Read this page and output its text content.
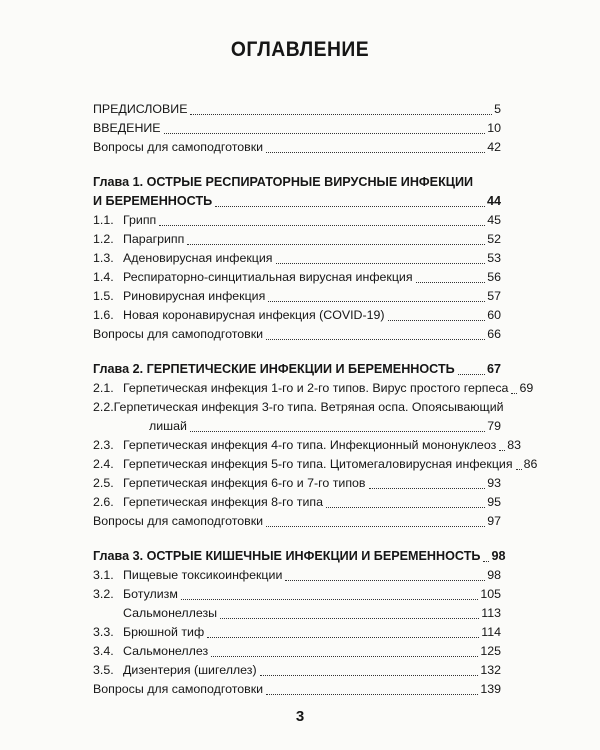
ОГЛАВЛЕНИЕ
ПРЕДИСЛОВИЕ	5
ВВЕДЕНИЕ	10
Вопросы для самоподготовки	42
Глава 1. ОСТРЫЕ РЕСПИРАТОРНЫЕ ВИРУСНЫЕ ИНФЕКЦИИ
И БЕРЕМЕННОСТЬ	44
1.1. Грипп	45
1.2. Парагрипп	52
1.3. Аденовирусная инфекция	53
1.4. Респираторно-синцитиальная вирусная инфекция	56
1.5. Риновирусная инфекция	57
1.6. Новая коронавирусная инфекция (COVID-19)	60
Вопросы для самоподготовки	66
Глава 2. ГЕРПЕТИЧЕСКИЕ ИНФЕКЦИИ И БЕРЕМЕННОСТЬ	67
2.1. Герпетическая инфекция 1-го и 2-го типов. Вирус простого герпеса 69
2.2.Герпетическая инфекция 3-го типа. Ветряная оспа. Опоясывающий
лишай	79
2.3. Герпетическая инфекция 4-го типа. Инфекционный мононуклеоз 83
2.4. Герпетическая инфекция 5-го типа. Цитомегаловирусная инфекция 86
2.5. Герпетическая инфекция 6-го и 7-го типов	93
2.6. Герпетическая инфекция 8-го типа	95
Вопросы для самоподготовки	97
Глава 3. ОСТРЫЕ КИШЕЧНЫЕ ИНФЕКЦИИ И БЕРЕМЕННОСТЬ 98
3.1. Пищевые токсикоинфекции	98
3.2. Ботулизм	105
Сальмонеллезы	113
3.3. Брюшной тиф	114
3.4. Сальмонеллез	125
3.5. Дизентерия (шигеллез)	132
Вопросы для самоподготовки	139
3
